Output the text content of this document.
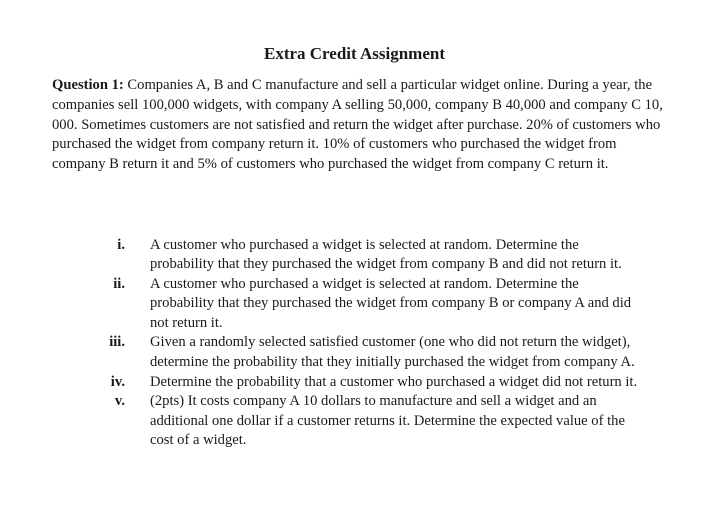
Extra Credit Assignment

Question 1: Companies A, B and C manufacture and sell a particular widget online. During a year, the companies sell 100,000 widgets, with company A selling 50,000, company B 40,000 and company C 10, 000. Sometimes customers are not satisfied and return the widget after purchase. 20% of customers who purchased the widget from company return it. 10% of customers who purchased the widget from company B return it and 5% of customers who purchased the widget from company C return it.

i. A customer who purchased a widget is selected at random. Determine the probability that they purchased the widget from company B and did not return it.
ii. A customer who purchased a widget is selected at random. Determine the probability that they purchased the widget from company B or company A and did not return it.
iii. Given a randomly selected satisfied customer (one who did not return the widget), determine the probability that they initially purchased the widget from company A.
iv. Determine the probability that a customer who purchased a widget did not return it.
v. (2pts) It costs company A 10 dollars to manufacture and sell a widget and an additional one dollar if a customer returns it. Determine the expected value of the cost of a widget.
